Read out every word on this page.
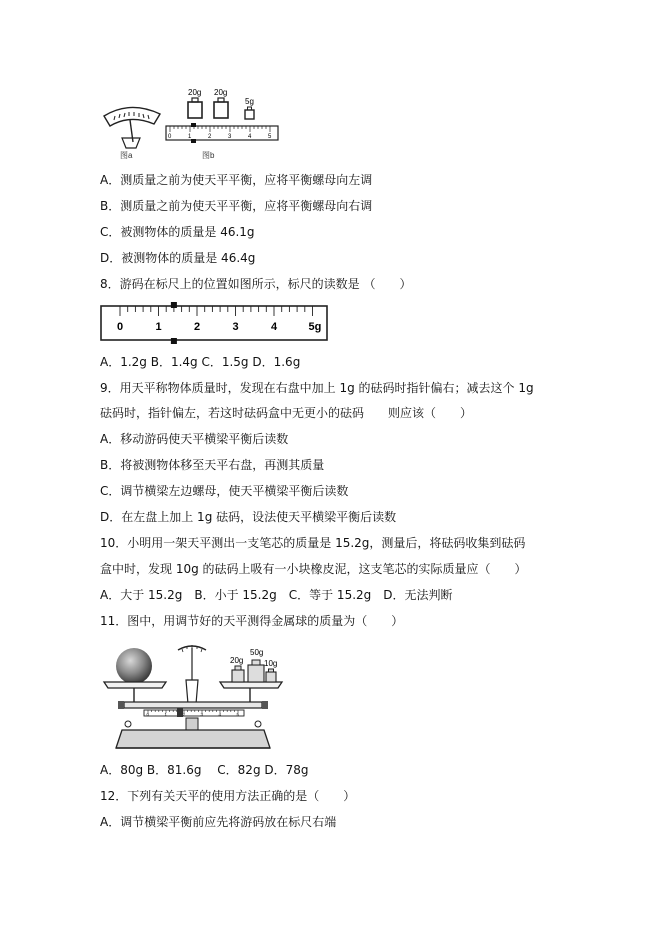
图a
20g 20g
5g
0	1	2	3	4	5
图b
A．测质量之前为使天平平衡，应将平衡螺母向左调
B．测质量之前为使天平平衡，应将平衡螺母向右调
C．被测物体的质量是 46.1g
D．被测物体的质量是 46.4g
8．游码在标尺上的位置如图所示，标尺的读数是 （　　）
0	1	2	3	4	5g
A．1.2g B．1.4g C．1.5g D．1.6g
9．用天平称物体质量时，发现在右盘中加上 1g 的砝码时指针偏右；减去这个 1g
砝码时，指针偏左，若这时砝码盒中无更小的砝码　　则应该（　　）
A．移动游码使天平横梁平衡后读数
B．将被测物体移至天平右盘，再测其质量
C．调节横梁左边螺母，使天平横梁平衡后读数
D．在左盘上加上 1g 砝码，设法使天平横梁平衡后读数
10．小明用一架天平测出一支笔芯的质量是 15.2g，测量后，将砝码收集到砝码
盒中时，发现 10g 的砝码上吸有一小块橡皮泥，这支笔芯的实际质量应（　　）
A．大于 15.2g　B．小于 15.2g　C．等于 15.2g　D．无法判断
11．图中，用调节好的天平测得金属球的质量为（　　）
20g
50g
10g
0	1	2	3	4	5
A．80g B．81.6g　 C．82g D．78g
12．下列有关天平的使用方法正确的是（　　）
A．调节横梁平衡前应先将游码放在标尺右端
